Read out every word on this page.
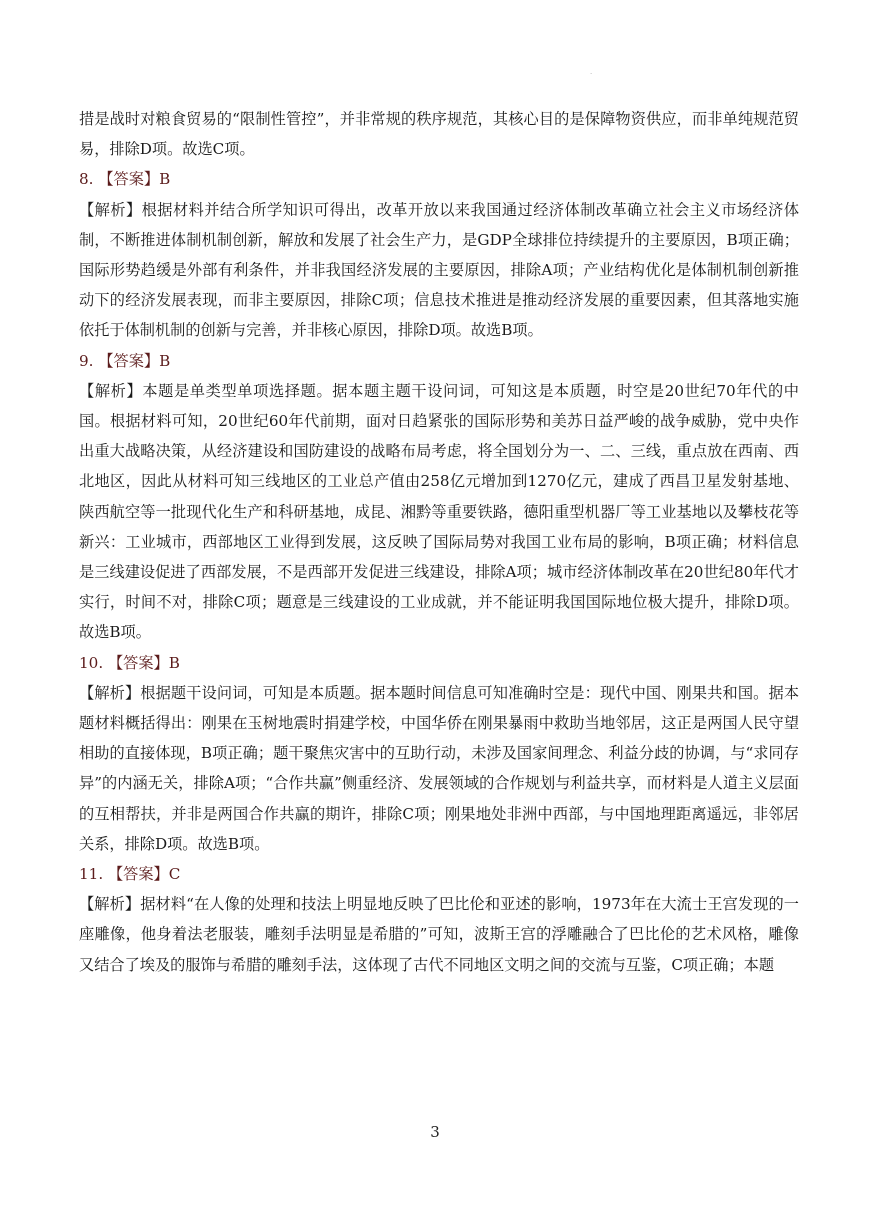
·

措是战时对粮食贸易的“限制性管控”，并非常规的秩序规范，其核心目的是保障物资供应，而非单纯规范贸易，排除D项。故选C项。

8. 【答案】B

【解析】根据材料并结合所学知识可得出，改革开放以来我国通过经济体制改革确立社会主义市场经济体制，不断推进体制机制创新，解放和发展了社会生产力，是GDP全球排位持续提升的主要原因，B项正确；国际形势趋缓是外部有利条件，并非我国经济发展的主要原因，排除A项；产业结构优化是体制机制创新推动下的经济发展表现，而非主要原因，排除C项；信息技术推进是推动经济发展的重要因素，但其落地实施依托于体制机制的创新与完善，并非核心原因，排除D项。故选B项。

9. 【答案】B

【解析】本题是单类型单项选择题。据本题主题干设问词，可知这是本质题，时空是20世纪70年代的中国。根据材料可知，20世纪60年代前期，面对日趋紧张的国际形势和美苏日益严峻的战争威胁，党中央作出重大战略决策，从经济建设和国防建设的战略布局考虑，将全国划分为一、二、三线，重点放在西南、西北地区，因此从材料可知三线地区的工业总产值由258亿元增加到1270亿元，建成了西昌卫星发射基地、陕西航空等一批现代化生产和科研基地，成昆、湘黔等重要铁路，德阳重型机器厂等工业基地以及攀枝花等新兴：工业城市，西部地区工业得到发展，这反映了国际局势对我国工业布局的影响，B项正确；材料信息是三线建设促进了西部发展，不是西部开发促进三线建设，排除A项；城市经济体制改革在20世纪80年代才实行，时间不对，排除C项；题意是三线建设的工业成就，并不能证明我国国际地位极大提升，排除D项。故选B项。

10. 【答案】B

【解析】根据题干设问词，可知是本质题。据本题时间信息可知准确时空是：现代中国、刚果共和国。据本题材料概括得出：刚果在玉树地震时捐建学校，中国华侨在刚果暴雨中救助当地邻居，这正是两国人民守望相助的直接体现，B项正确；题干聚焦灾害中的互助行动，未涉及国家间理念、利益分歧的协调，与“求同存异”的内涵无关，排除A项；“合作共赢”侧重经济、发展领域的合作规划与利益共享，而材料是人道主义层面的互相帮扶，并非是两国合作共赢的期许，排除C项；刚果地处非洲中西部，与中国地理距离遥远，非邻居关系，排除D项。故选B项。

11. 【答案】C

【解析】据材料“在人像的处理和技法上明显地反映了巴比伦和亚述的影响，1973年在大流士王宫发现的一座雕像，他身着法老服装，雕刻手法明显是希腊的”可知，波斯王宫的浮雕融合了巴比伦的艺术风格，雕像又结合了埃及的服饰与希腊的雕刻手法，这体现了古代不同地区文明之间的交流与互鉴，C项正确；本题

3
